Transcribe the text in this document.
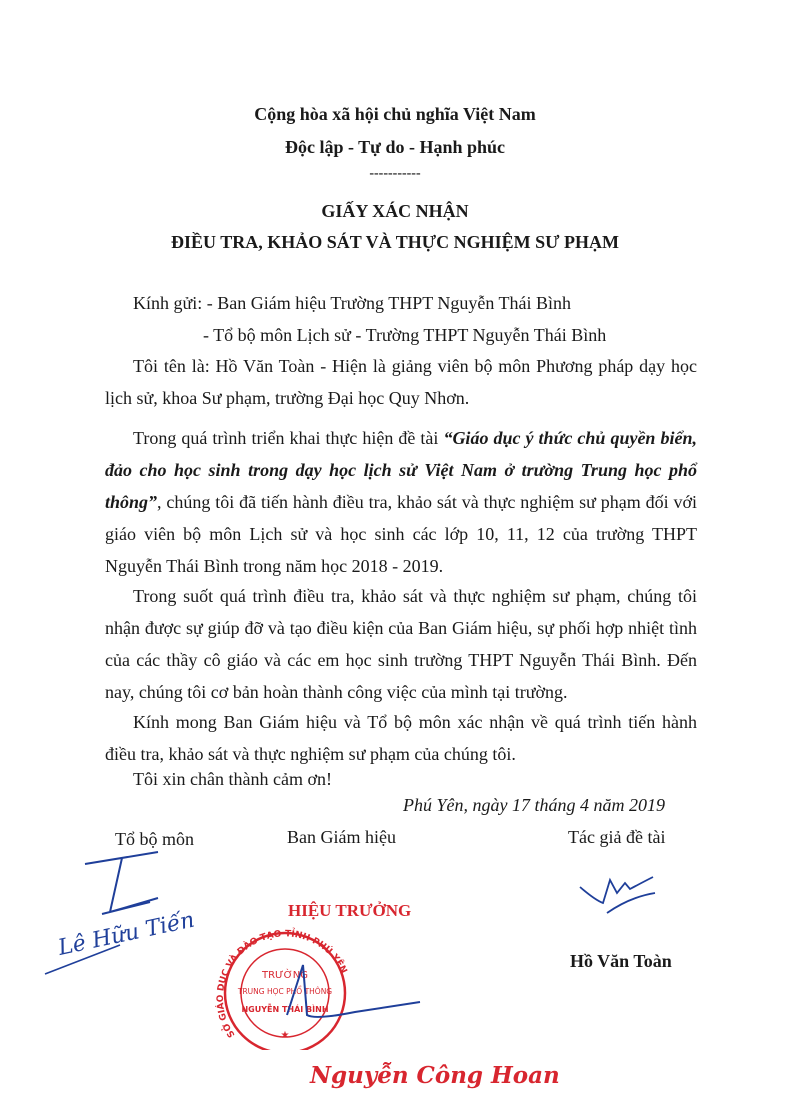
Cộng hòa xã hội chủ nghĩa Việt Nam
Độc lập - Tự do - Hạnh phúc
-----------
GIẤY XÁC NHẬN
ĐIỀU TRA, KHẢO SÁT VÀ THỰC NGHIỆM SƯ PHẠM
Kính gửi: - Ban Giám hiệu Trường THPT Nguyễn Thái Bình
- Tổ bộ môn Lịch sử - Trường THPT Nguyễn Thái Bình
Tôi tên là: Hồ Văn Toàn - Hiện là giảng viên bộ môn Phương pháp dạy học lịch sử, khoa Sư phạm, trường Đại học Quy Nhơn.
Trong quá trình triển khai thực hiện đề tài “Giáo dục ý thức chủ quyền biển, đảo cho học sinh trong dạy học lịch sử Việt Nam ở trường Trung học phổ thông”, chúng tôi đã tiến hành điều tra, khảo sát và thực nghiệm sư phạm đối với giáo viên bộ môn Lịch sử và học sinh các lớp 10, 11, 12 của trường THPT Nguyễn Thái Bình trong năm học 2018 - 2019.
Trong suốt quá trình điều tra, khảo sát và thực nghiệm sư phạm, chúng tôi nhận được sự giúp đỡ và tạo điều kiện của Ban Giám hiệu, sự phối hợp nhiệt tình của các thầy cô giáo và các em học sinh trường THPT Nguyễn Thái Bình. Đến nay, chúng tôi cơ bản hoàn thành công việc của mình tại trường.
Kính mong Ban Giám hiệu và Tổ bộ môn xác nhận về quá trình tiến hành điều tra, khảo sát và thực nghiệm sư phạm của chúng tôi.
Tôi xin chân thành cảm ơn!
Phú Yên, ngày 17 tháng 4 năm 2019
Tổ bộ môn	Ban Giám hiệu	Tác giả đề tài
Lê Hữu Tiến	HIỆU TRƯỞNG
SỞ GIÁO DỤC VÀ ĐÀO TẠO TỈNH PHÚ YÊN
TRƯỜNG
TRUNG HỌC PHỔ THÔNG
NGUYỄN THÁI BÌNH
★
Hồ Văn Toàn
Nguyễn Công Hoan
